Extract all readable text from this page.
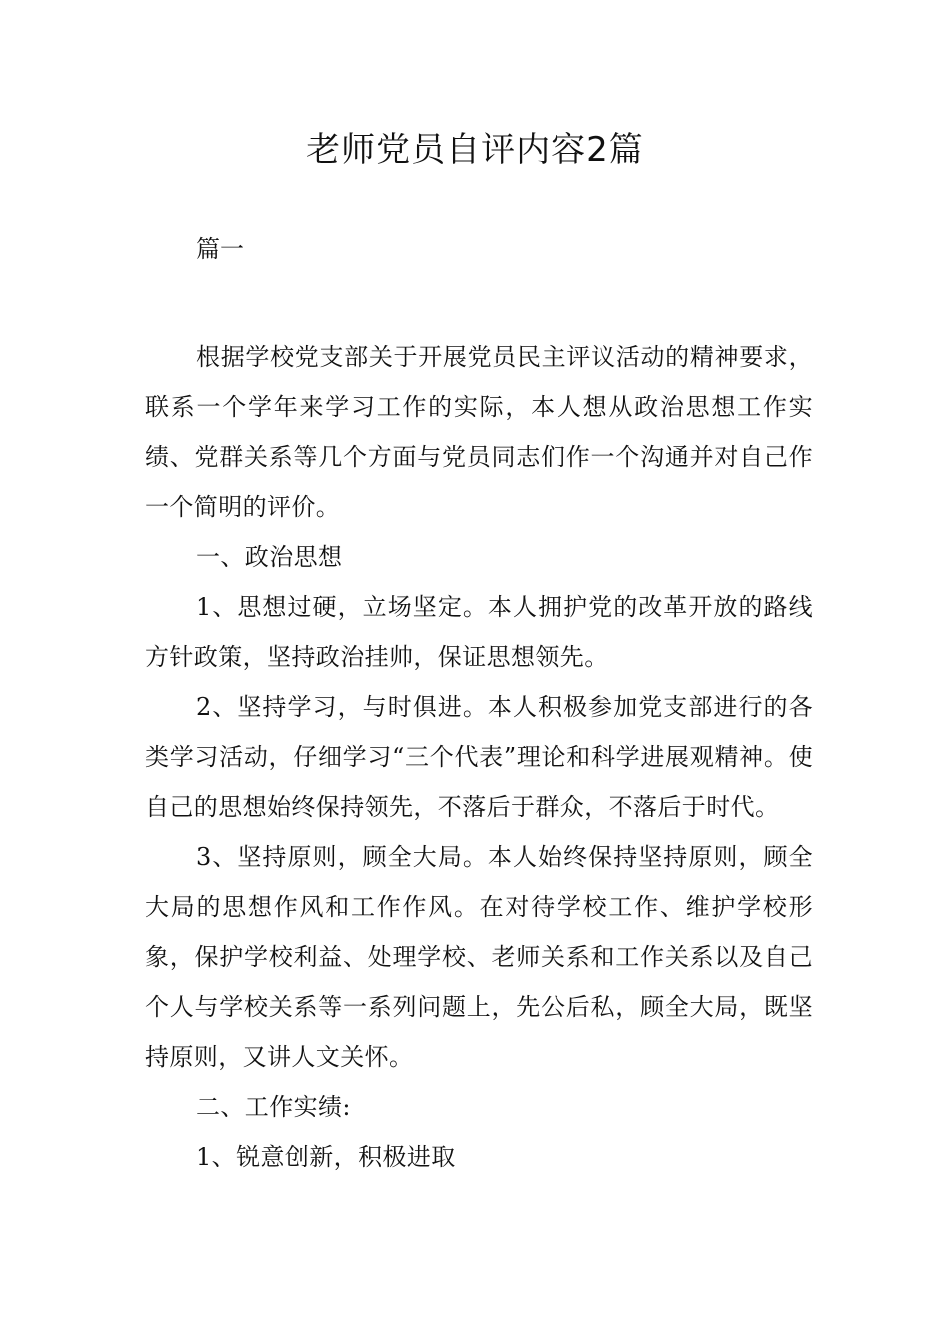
老师党员自评内容2篇

篇一

根据学校党支部关于开展党员民主评议活动的精神要求，联系一个学年来学习工作的实际，本人想从政治思想工作实绩、党群关系等几个方面与党员同志们作一个沟通并对自己作一个简明的评价。

一、政治思想

1、思想过硬，立场坚定。本人拥护党的改革开放的路线方针政策，坚持政治挂帅，保证思想领先。

2、坚持学习，与时俱进。本人积极参加党支部进行的各类学习活动，仔细学习“三个代表”理论和科学进展观精神。使自己的思想始终保持领先，不落后于群众，不落后于时代。

3、坚持原则，顾全大局。本人始终保持坚持原则，顾全大局的思想作风和工作作风。在对待学校工作、维护学校形象，保护学校利益、处理学校、老师关系和工作关系以及自己个人与学校关系等一系列问题上，先公后私，顾全大局，既坚持原则，又讲人文关怀。

二、工作实绩:

1、锐意创新，积极进取
